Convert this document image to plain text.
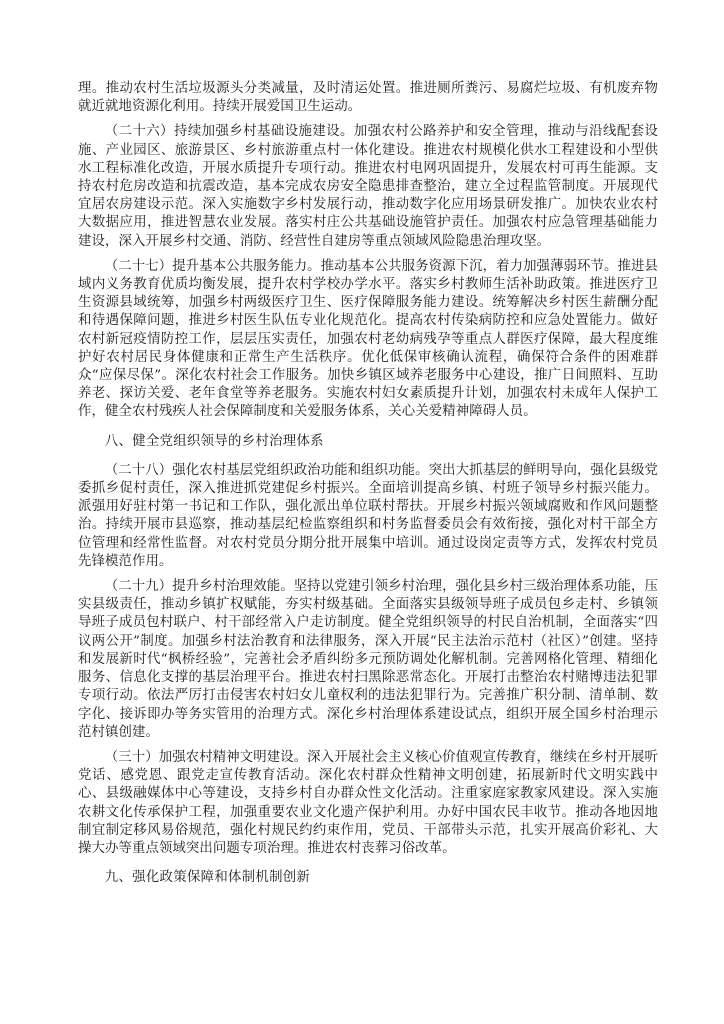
理。推动农村生活垃圾源头分类减量，及时清运处置。推进厕所粪污、易腐烂垃圾、有机废弃物就近就地资源化利用。持续开展爱国卫生运动。

（二十六）持续加强乡村基础设施建设。加强农村公路养护和安全管理，推动与沿线配套设施、产业园区、旅游景区、乡村旅游重点村一体化建设。推进农村规模化供水工程建设和小型供水工程标准化改造，开展水质提升专项行动。推进农村电网巩固提升，发展农村可再生能源。支持农村危房改造和抗震改造，基本完成农房安全隐患排查整治，建立全过程监管制度。开展现代宜居农房建设示范。深入实施数字乡村发展行动，推动数字化应用场景研发推广。加快农业农村大数据应用，推进智慧农业发展。落实村庄公共基础设施管护责任。加强农村应急管理基础能力建设，深入开展乡村交通、消防、经营性自建房等重点领域风险隐患治理攻坚。

（二十七）提升基本公共服务能力。推动基本公共服务资源下沉，着力加强薄弱环节。推进县域内义务教育优质均衡发展，提升农村学校办学水平。落实乡村教师生活补助政策。推进医疗卫生资源县域统筹，加强乡村两级医疗卫生、医疗保障服务能力建设。统筹解决乡村医生薪酬分配和待遇保障问题，推进乡村医生队伍专业化规范化。提高农村传染病防控和应急处置能力。做好农村新冠疫情防控工作，层层压实责任，加强农村老幼病残孕等重点人群医疗保障，最大程度维护好农村居民身体健康和正常生产生活秩序。优化低保审核确认流程，确保符合条件的困难群众“应保尽保”。深化农村社会工作服务。加快乡镇区域养老服务中心建设，推广日间照料、互助养老、探访关爱、老年食堂等养老服务。实施农村妇女素质提升计划，加强农村未成年人保护工作，健全农村残疾人社会保障制度和关爱服务体系，关心关爱精神障碍人员。

八、健全党组织领导的乡村治理体系

（二十八）强化农村基层党组织政治功能和组织功能。突出大抓基层的鲜明导向，强化县级党委抓乡促村责任，深入推进抓党建促乡村振兴。全面培训提高乡镇、村班子领导乡村振兴能力。派强用好驻村第一书记和工作队，强化派出单位联村帮扶。开展乡村振兴领域腐败和作风问题整治。持续开展市县巡察，推动基层纪检监察组织和村务监督委员会有效衔接，强化对村干部全方位管理和经常性监督。对农村党员分期分批开展集中培训。通过设岗定责等方式，发挥农村党员先锋模范作用。

（二十九）提升乡村治理效能。坚持以党建引领乡村治理，强化县乡村三级治理体系功能，压实县级责任，推动乡镇扩权赋能，夯实村级基础。全面落实县级领导班子成员包乡走村、乡镇领导班子成员包村联户、村干部经常入户走访制度。健全党组织领导的村民自治机制，全面落实“四议两公开”制度。加强乡村法治教育和法律服务，深入开展“民主法治示范村（社区）”创建。坚持和发展新时代“枫桥经验”，完善社会矛盾纠纷多元预防调处化解机制。完善网格化管理、精细化服务、信息化支撑的基层治理平台。推进农村扫黑除恶常态化。开展打击整治农村赌博违法犯罪专项行动。依法严厉打击侵害农村妇女儿童权利的违法犯罪行为。完善推广积分制、清单制、数字化、接诉即办等务实管用的治理方式。深化乡村治理体系建设试点，组织开展全国乡村治理示范村镇创建。

（三十）加强农村精神文明建设。深入开展社会主义核心价值观宣传教育，继续在乡村开展听党话、感党恩、跟党走宣传教育活动。深化农村群众性精神文明创建，拓展新时代文明实践中心、县级融媒体中心等建设，支持乡村自办群众性文化活动。注重家庭家教家风建设。深入实施农耕文化传承保护工程，加强重要农业文化遗产保护利用。办好中国农民丰收节。推动各地因地制宜制定移风易俗规范，强化村规民约约束作用，党员、干部带头示范，扎实开展高价彩礼、大操大办等重点领域突出问题专项治理。推进农村丧葬习俗改革。

九、强化政策保障和体制机制创新
